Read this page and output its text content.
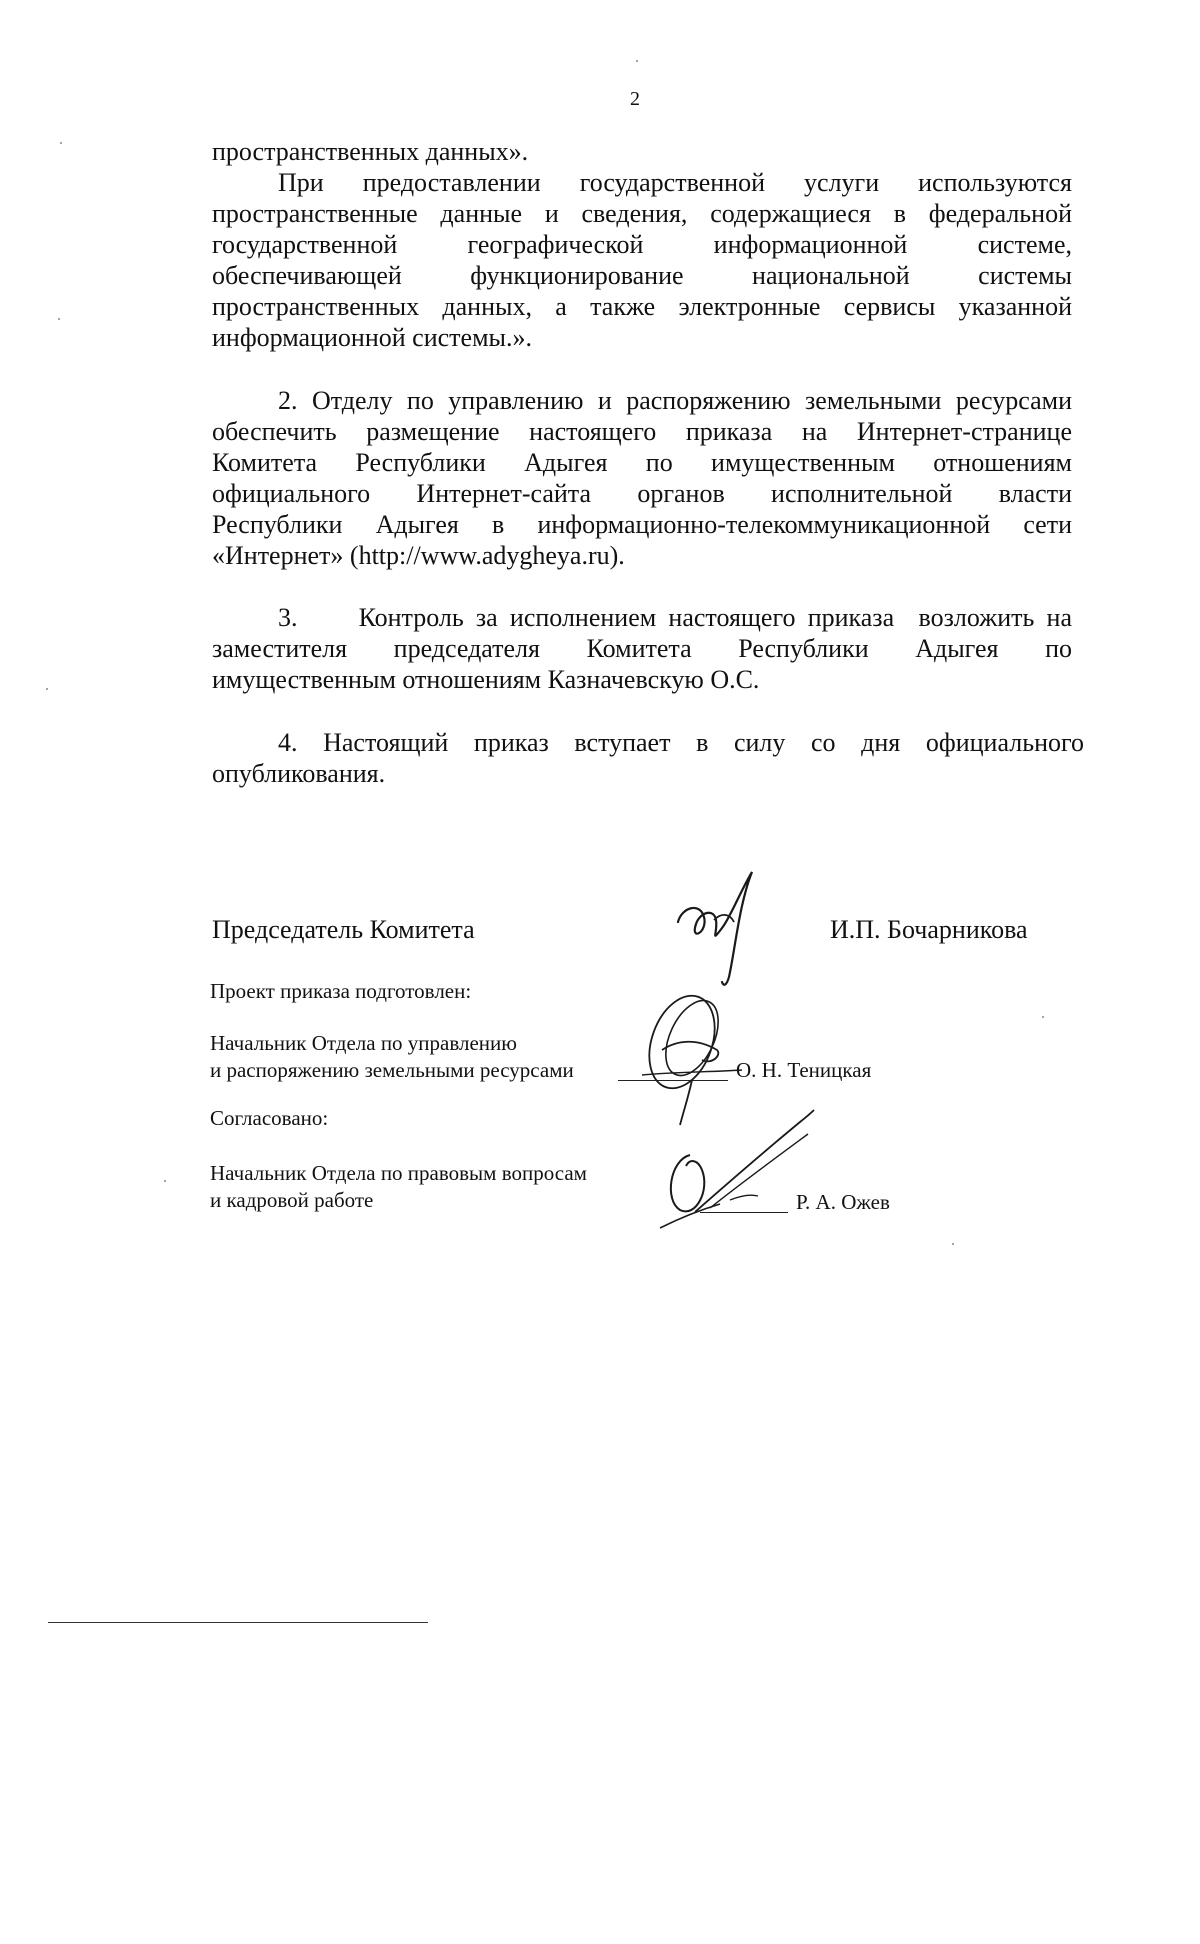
2

пространственных данных».

При предоставлении государственной услуги используются
пространственные данные и сведения, содержащиеся в федеральной
государственной географической информационной системе,
обеспечивающей функционирование национальной системы
пространственных данных, а также электронные сервисы указанной
информационной системы.».

2. Отделу по управлению и распоряжению земельными ресурсами
обеспечить размещение настоящего приказа на Интернет-странице
Комитета Республики Адыгея по имущественным отношениям
официального Интернет-сайта органов исполнительной власти
Республики Адыгея в информационно-телекоммуникационной сети
«Интернет» (http://www.adygheya.ru).

3.     Контроль за исполнением настоящего приказа  возложить на
заместителя председателя Комитета Республики Адыгея по
имущественным отношениям Казначевскую О.С.

4. Настоящий приказ вступает в силу со дня официального
опубликования.

Председатель Комитета	И.П. Бочарникова

Проект приказа подготовлен:

Начальник Отдела по управлению

и распоряжению земельными ресурсами	О. Н. Теницкая

Согласовано:

Начальник Отдела по правовым вопросам

и кадровой работе	Р. А. Ожев
